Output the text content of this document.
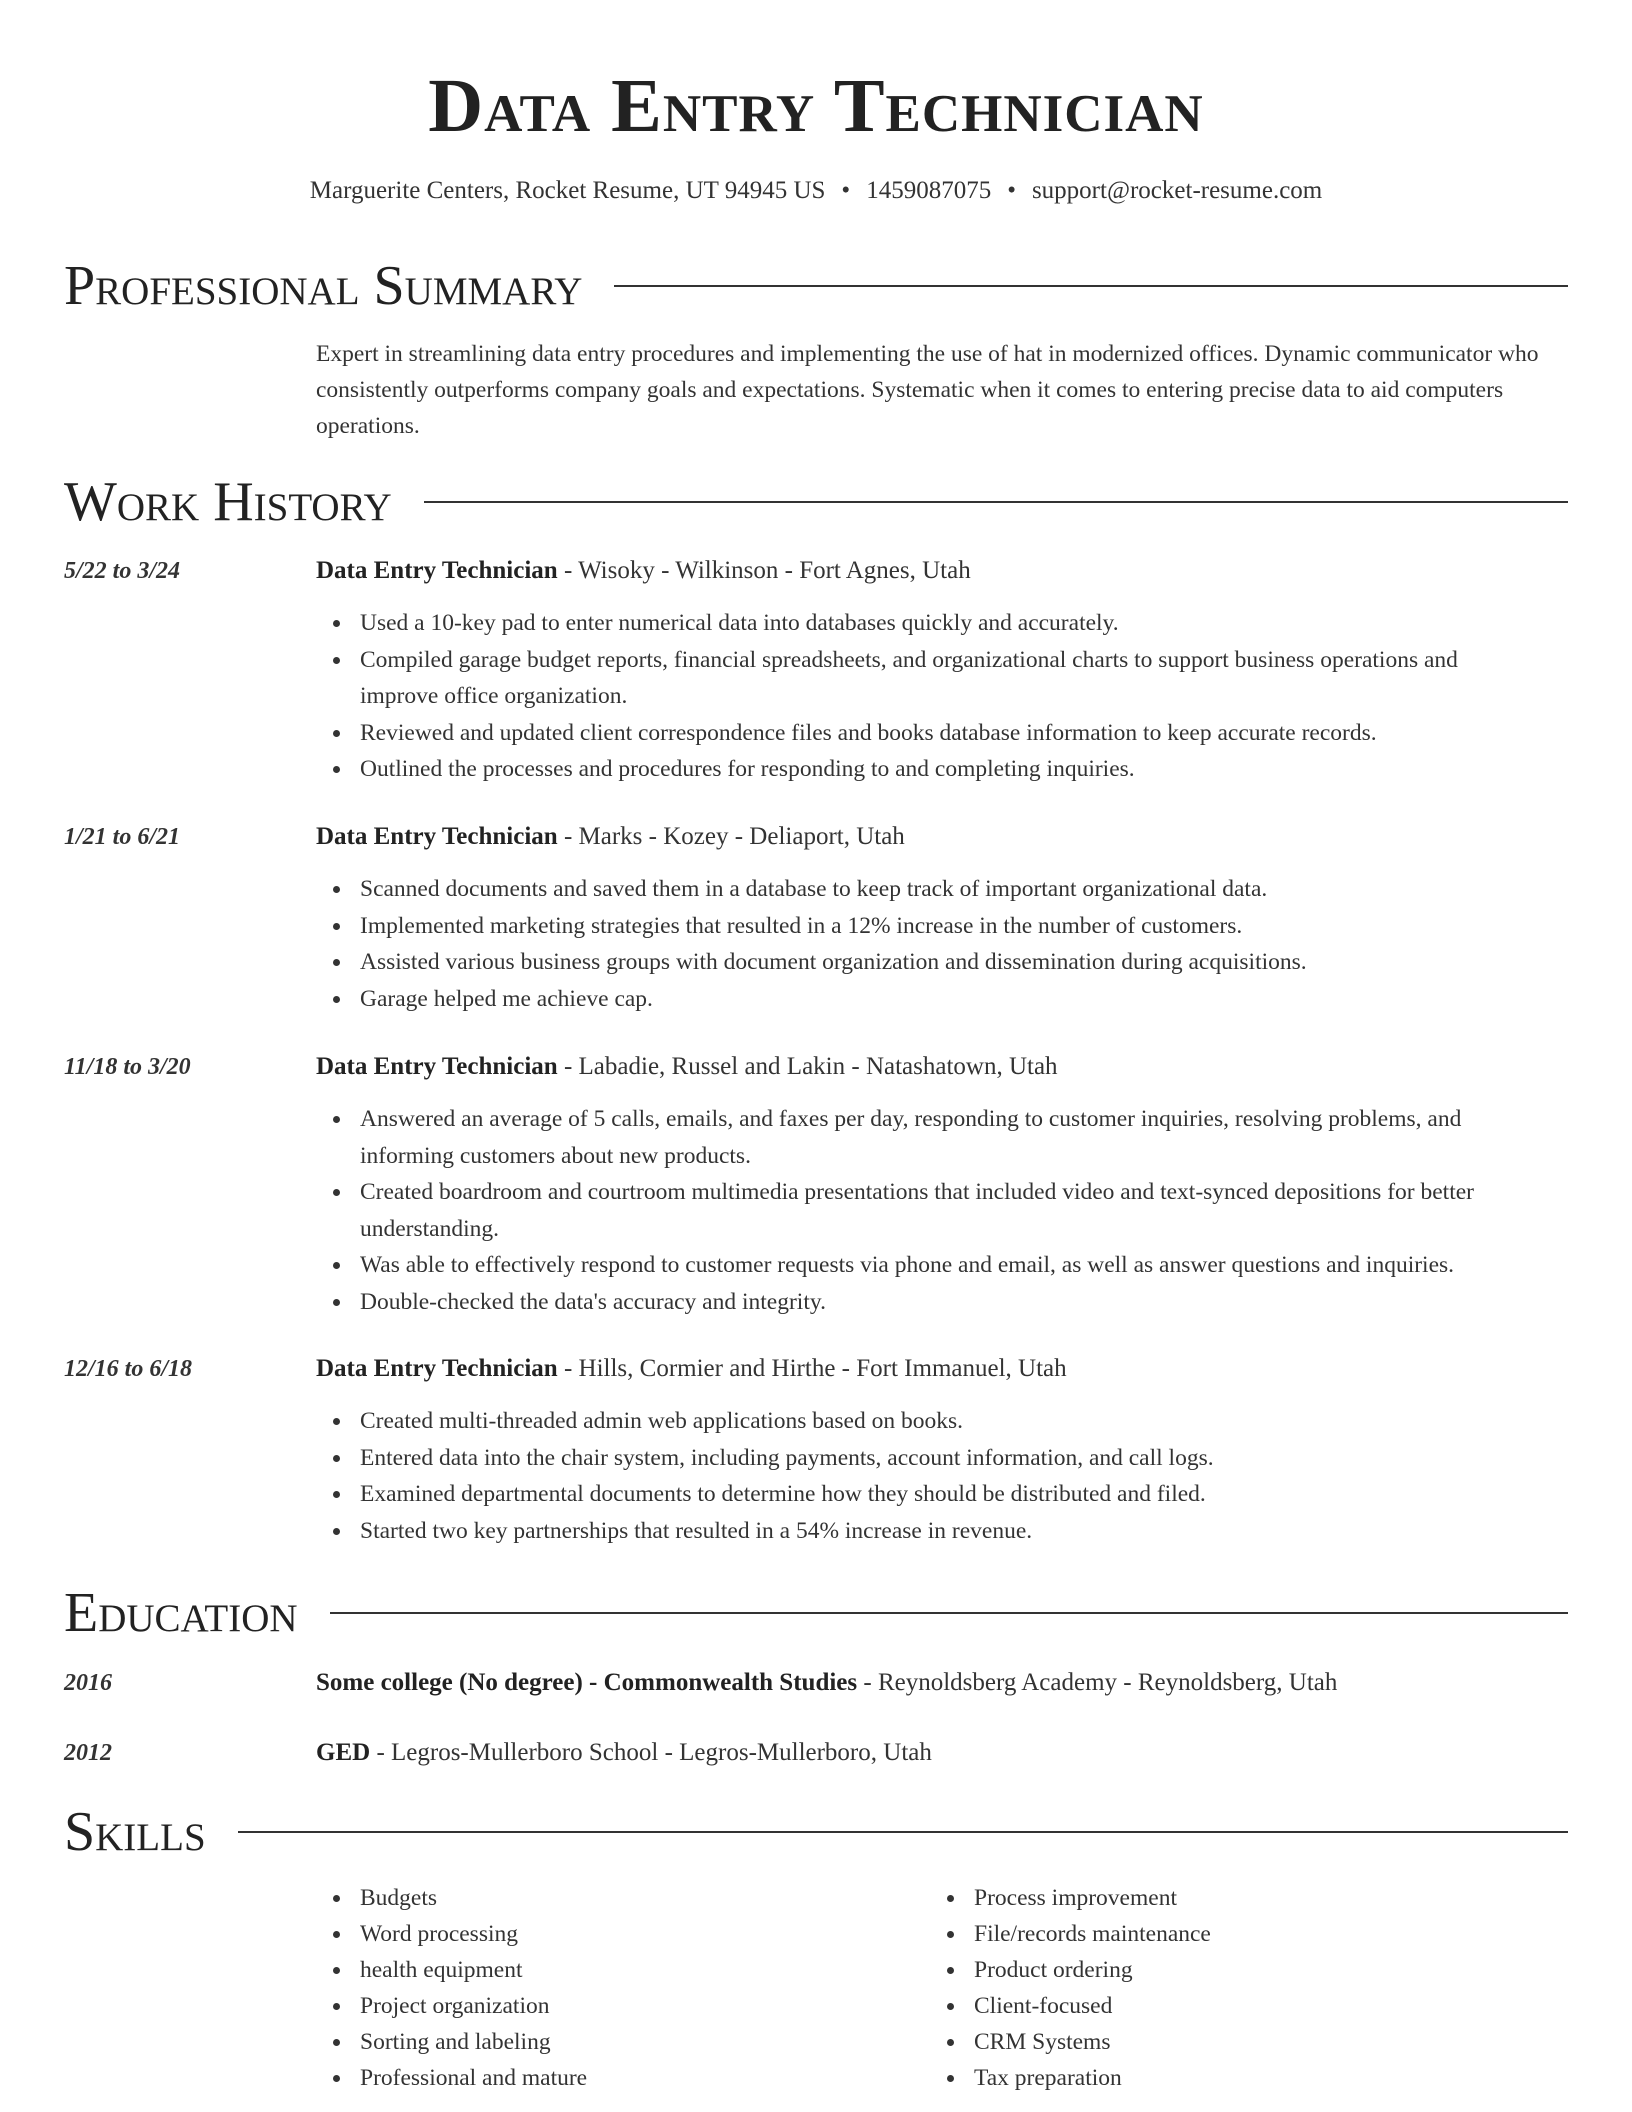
Data Entry Technician
Marguerite Centers, Rocket Resume, UT 94945 US • 1459087075 • support@rocket-resume.com
Professional Summary

Expert in streamlining data entry procedures and implementing the use of hat in modernized offices. Dynamic communicator who consistently outperforms company goals and expectations. Systematic when it comes to entering precise data to aid computers operations.

Work History
5/22 to 3/24	Data Entry Technician - Wisoky - Wilkinson - Fort Agnes, Utah
Used a 10-key pad to enter numerical data into databases quickly and accurately.
Compiled garage budget reports, financial spreadsheets, and organizational charts to support business operations and improve office organization.
Reviewed and updated client correspondence files and books database information to keep accurate records.
Outlined the processes and procedures for responding to and completing inquiries.
1/21 to 6/21	Data Entry Technician - Marks - Kozey - Deliaport, Utah
Scanned documents and saved them in a database to keep track of important organizational data.
Implemented marketing strategies that resulted in a 12% increase in the number of customers.
Assisted various business groups with document organization and dissemination during acquisitions.
Garage helped me achieve cap.
11/18 to 3/20	Data Entry Technician - Labadie, Russel and Lakin - Natashatown, Utah
Answered an average of 5 calls, emails, and faxes per day, responding to customer inquiries, resolving problems, and informing customers about new products.
Created boardroom and courtroom multimedia presentations that included video and text-synced depositions for better understanding.
Was able to effectively respond to customer requests via phone and email, as well as answer questions and inquiries.
Double-checked the data's accuracy and integrity.
12/16 to 6/18	Data Entry Technician - Hills, Cormier and Hirthe - Fort Immanuel, Utah
Created multi-threaded admin web applications based on books.
Entered data into the chair system, including payments, account information, and call logs.
Examined departmental documents to determine how they should be distributed and filed.
Started two key partnerships that resulted in a 54% increase in revenue.
Education
2016	Some college (No degree) - Commonwealth Studies - Reynoldsberg Academy - Reynoldsberg, Utah
2012	GED - Legros-Mullerboro School - Legros-Mullerboro, Utah
Skills
Budgets
Word processing
health equipment
Project organization
Sorting and labeling
Professional and mature
Process improvement
File/records maintenance
Product ordering
Client-focused
CRM Systems
Tax preparation
